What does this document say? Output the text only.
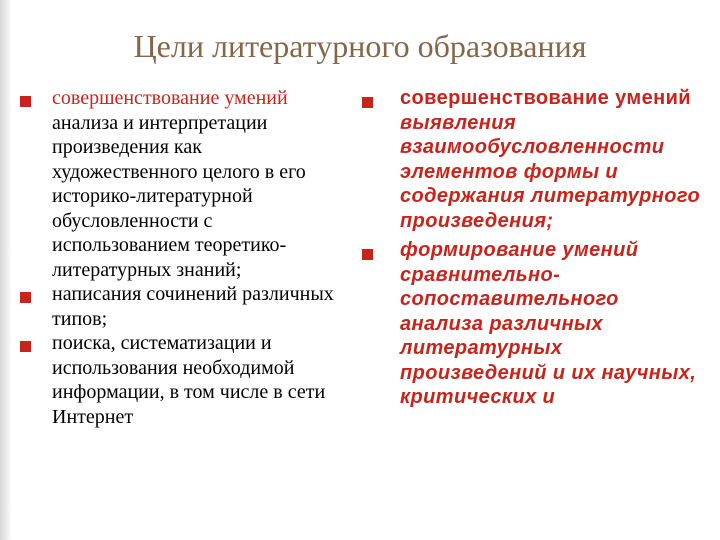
Цели литературного образования
совершенствование умений анализа и интерпретации произведения как художественного целого в его историко-литературной обусловленности с использованием теоретико-литературных знаний;
написания сочинений различных типов;
поиска, систематизации и использования необходимой информации, в том числе в сети Интернет
совершенствование умений выявления взаимообусловленности элементов формы и содержания литературного произведения;
формирование умений сравнительно-сопоставительного анализа различных литературных произведений и их научных, критических и
